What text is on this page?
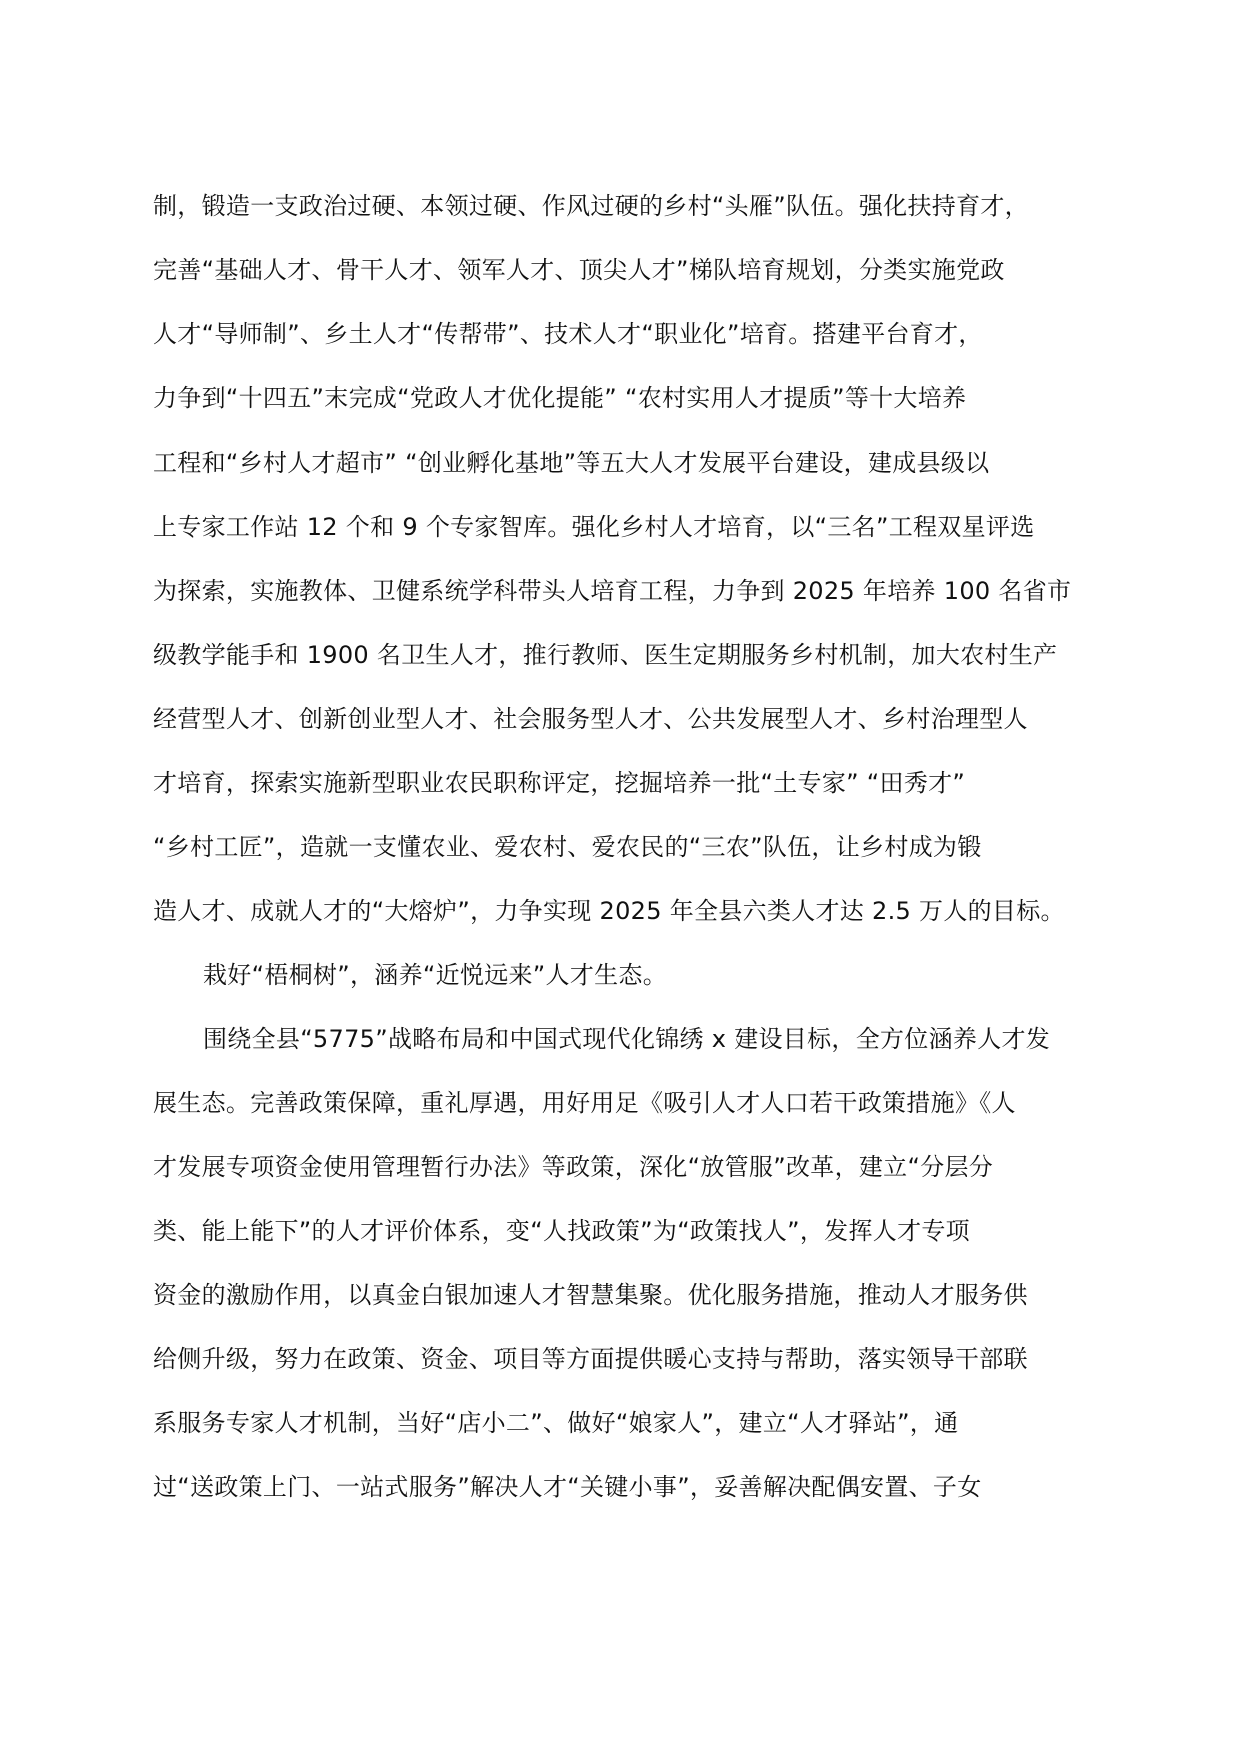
制，锻造一支政治过硬、本领过硬、作风过硬的乡村“头雁”队伍。强化扶持育才，
完善“基础人才、骨干人才、领军人才、顶尖人才”梯队培育规划，分类实施党政
人才“导师制”、乡土人才“传帮带”、技术人才“职业化”培育。搭建平台育才，
力争到“十四五”末完成“党政人才优化提能” “农村实用人才提质”等十大培养
工程和“乡村人才超市” “创业孵化基地”等五大人才发展平台建设，建成县级以
上专家工作站 12 个和 9 个专家智库。强化乡村人才培育，以“三名”工程双星评选
为探索，实施教体、卫健系统学科带头人培育工程，力争到 2025 年培养 100 名省市
级教学能手和 1900 名卫生人才，推行教师、医生定期服务乡村机制，加大农村生产
经营型人才、创新创业型人才、社会服务型人才、公共发展型人才、乡村治理型人
才培育，探索实施新型职业农民职称评定，挖掘培养一批“土专家” “田秀才”
“乡村工匠”，造就一支懂农业、爱农村、爱农民的“三农”队伍，让乡村成为锻
造人才、成就人才的“大熔炉”，力争实现 2025 年全县六类人才达 2.5 万人的目标。
栽好“梧桐树”，涵养“近悦远来”人才生态。
围绕全县“5775”战略布局和中国式现代化锦绣 x 建设目标，全方位涵养人才发
展生态。完善政策保障，重礼厚遇，用好用足《吸引人才人口若干政策措施》《人
才发展专项资金使用管理暂行办法》等政策，深化“放管服”改革，建立“分层分
类、能上能下”的人才评价体系，变“人找政策”为“政策找人”，发挥人才专项
资金的激励作用，以真金白银加速人才智慧集聚。优化服务措施，推动人才服务供
给侧升级，努力在政策、资金、项目等方面提供暖心支持与帮助，落实领导干部联
系服务专家人才机制，当好“店小二”、做好“娘家人”，建立“人才驿站”，通
过“送政策上门、一站式服务”解决人才“关键小事”，妥善解决配偶安置、子女
